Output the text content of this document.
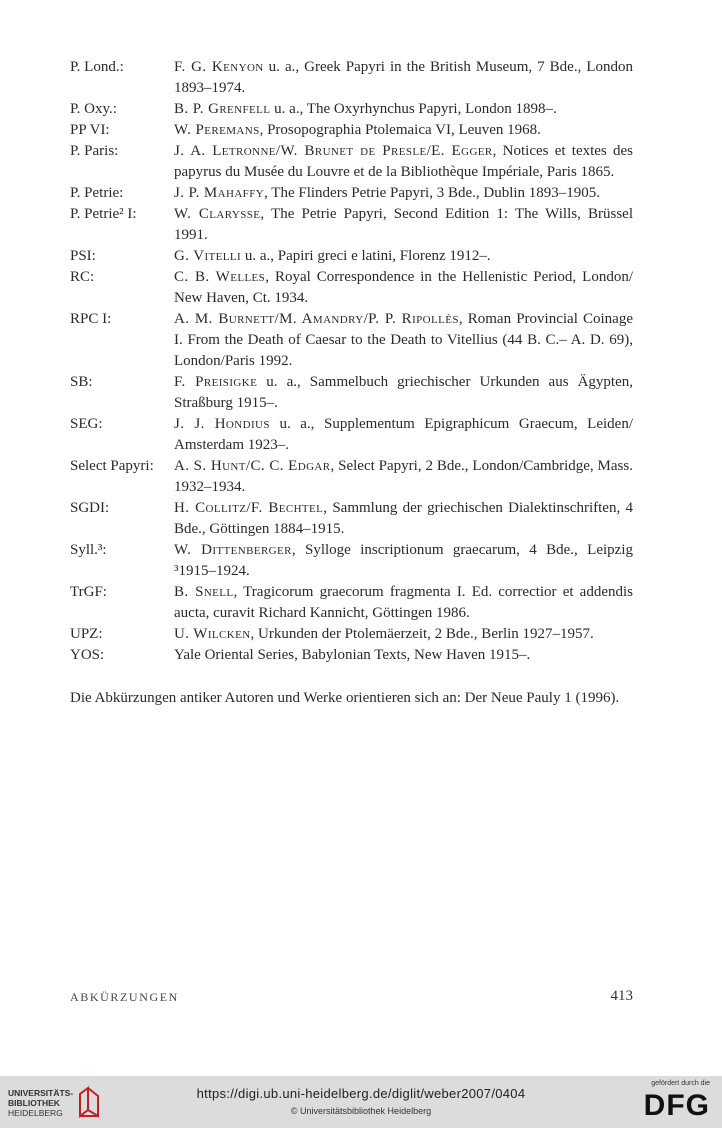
P. Lond.:	F. G. Kenyon u. a., Greek Papyri in the British Museum, 7 Bde., London 1893–1974.
P. Oxy.:	B. P. Grenfell u. a., The Oxyrhynchus Papyri, London 1898–.
PP VI:	W. Peremans, Prosopographia Ptolemaica VI, Leuven 1968.
P. Paris:	J. A. Letronne/W. Brunet de Presle/E. Egger, Notices et textes des papyrus du Musée du Louvre et de la Bibliothèque Impériale, Paris 1865.
P. Petrie:	J. P. Mahaffy, The Flinders Petrie Papyri, 3 Bde., Dublin 1893–1905.
P. Petrie² I:	W. Clarysse, The Petrie Papyri, Second Edition 1: The Wills, Brüssel 1991.
PSI:	G. Vitelli u. a., Papiri greci e latini, Florenz 1912–.
RC:	C. B. Welles, Royal Correspondence in the Hellenistic Period, London/ New Haven, Ct. 1934.
RPC I:	A. M. Burnett/M. Amandry/P. P. Ripollès, Roman Provincial Coinage I. From the Death of Caesar to the Death to Vitellius (44 B. C.– A. D. 69), London/Paris 1992.
SB:	F. Preisigke u. a., Sammelbuch griechischer Urkunden aus Ägypten, Straßburg 1915–.
SEG:	J. J. Hondius u. a., Supplementum Epigraphicum Graecum, Leiden/ Amsterdam 1923–.
Select Papyri:	A. S. Hunt/C. C. Edgar, Select Papyri, 2 Bde., London/Cambridge, Mass. 1932–1934.
SGDI:	H. Collitz/F. Bechtel, Sammlung der griechischen Dialektinschriften, 4 Bde., Göttingen 1884–1915.
Syll.³:	W. Dittenberger, Sylloge inscriptionum graecarum, 4 Bde., Leipzig ³1915–1924.
TrGF:	B. Snell, Tragicorum graecorum fragmenta I. Ed. correctior et addendis aucta, curavit Richard Kannicht, Göttingen 1986.
UPZ:	U. Wilcken, Urkunden der Ptolemäerzeit, 2 Bde., Berlin 1927–1957.
YOS:	Yale Oriental Series, Babylonian Texts, New Haven 1915–.
Die Abkürzungen antiker Autoren und Werke orientieren sich an: Der Neue Pauly 1 (1996).
ABKÜRZUNGEN	413
UNIVERSITÄTS-
BIBLIOTHEK
HEIDELBERG
https://digi.ub.uni-heidelberg.de/diglit/weber2007/0404
© Universitätsbibliothek Heidelberg
gefördert durch die
DFG
